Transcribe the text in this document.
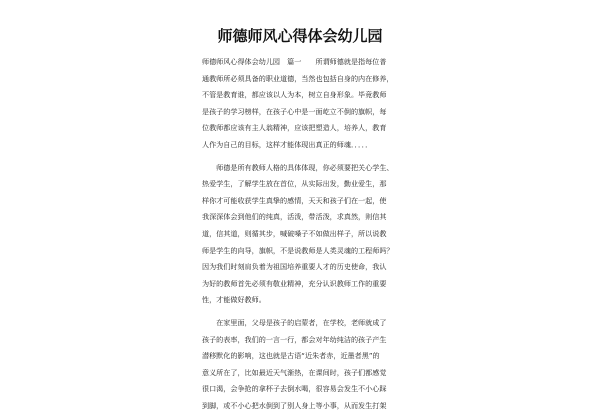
师德师风心得体会幼儿园
师德师风心得体会幼儿园　篇一　　所谓师德就是指每位普
通教师所必须具备的职业道德，当然也包括自身的内在修养，
不管是教育谁，都应该以人为本，树立自身形象。毕竟教师
是孩子的学习榜样，在孩子心中是一面屹立不倒的旗帜，每
位教师都应该有主人翁精神，应该把塑造人，培养人，教育
人作为自己的目标，这样才能体现出真正的师魂．．．．．
　　师德是所有教师人格的具体体现，你必须要把关心学生、
热爱学生，了解学生放在首位，从实际出发，勤业爱生，那
样你才可能收获学生真挚的感情，天天和孩子们在一起，使
我深深体会到他们的纯真，活泼，带活泼，求真然，则信其
道，信其道，则循其步，喊破嗓子不如做出样子，所以说教
师是学生的向导，旗帜，不是说教师是人类灵魂的工程师吗？
因为我们时刻肩负着为祖国培养重要人才的历史使命，我认
为好的教师首先必须有敬业精神，充分认识教师工作的重要
性，才能做好教师。
　　在家里面，父母是孩子的启蒙者，在学校，老师就成了
孩子的表率，我们的一言一行，都会对年幼纯洁的孩子产生
潜移默化的影响，这也就是古语“近朱者赤，近墨者黑”的
意义所在了，比如最近天气渐热，在课间时，孩子们都感觉
很口渴，会争抢的拿杯子去倒水喝，很容易会发生不小心踩
到脚，或不小心把水倒到了别人身上等小事，从而发生打架
